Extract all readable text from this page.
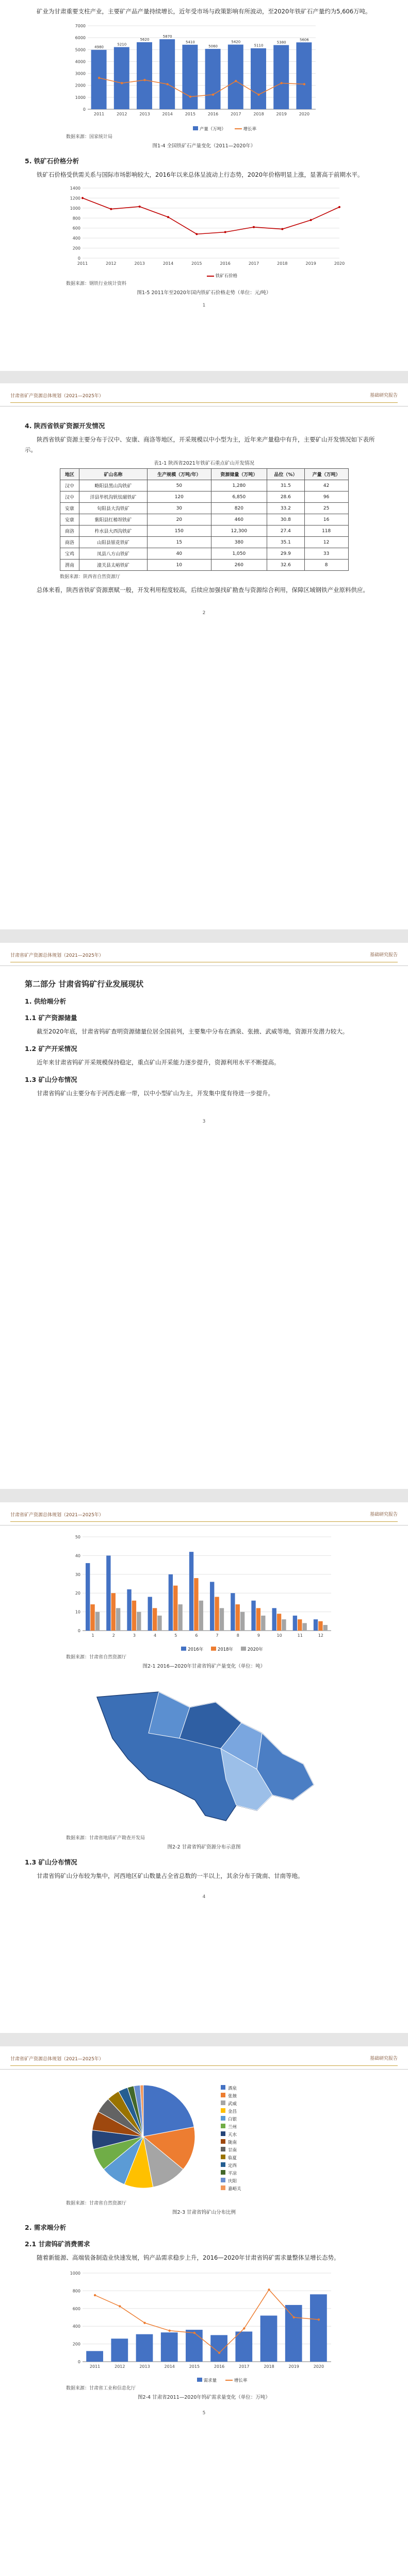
矿业为甘肃重要支柱产业，主要矿产品产量持续增长，近年受市场与政策影响有所波动，至2020年铁矿石产量约为5,606万吨。

0
1000
2000
3000
4000
5000
6000
7000
4980
5210
5620
5870
5410
5060
5420
5110
5380
5606
2011	2012	2013	2014	2015	2016	2017	2018	2019	2020
产量（万吨）	增长率
数据来源：国家统计局
图1-4 全国铁矿石产量变化（2011—2020年）
5. 铁矿石价格分析

铁矿石价格受供需关系与国际市场影响较大，2016年以来总体呈波动上行态势，2020年价格明显上涨，显著高于前期水平。

0
200
400
600
800
1000
1200
1400
2011	2012	2013	2014	2015	2016	2017	2018	2019	2020
铁矿石价格
数据来源：钢铁行业统计资料
图1-5 2011年至2020年国内铁矿石价格走势（单位：元/吨）
1
甘肃省矿产资源总体规划（2021—2025年）	基础研究报告
4. 陕西省铁矿资源开发情况

陕西省铁矿资源主要分布于汉中、安康、商洛等地区，开采规模以中小型为主，近年来产量稳中有升，主要矿山开发情况如下表所示。

表1-1 陕西省2021年铁矿石重点矿山开发情况
地区	矿山名称	生产规模（万吨/年）	资源储量（万吨）	品位（%）	产量（万吨）
汉中	略阳县黑山沟铁矿	50	1,280	31.5	42
汉中	洋县毕机沟钒钛磁铁矿	120	6,850	28.6	96
安康	旬阳县大沟铁矿	30	820	33.2	25
安康	紫阳县红椿坝铁矿	20	460	30.8	16
商洛	柞水县大西沟铁矿	150	12,300	27.4	118
商洛	山阳县银花铁矿	15	380	35.1	12
宝鸡	凤县八方山铁矿	40	1,050	29.9	33
渭南	潼关县太峪铁矿	10	260	32.6	8
数据来源：陕西省自然资源厅

总体来看，陕西省铁矿资源禀赋一般，开发利用程度较高，后续应加强找矿勘查与资源综合利用，保障区域钢铁产业原料供应。

2
甘肃省矿产资源总体规划（2021—2025年）	基础研究报告
第二部分 甘肃省钨矿行业发展现状
1. 供给端分析
1.1 矿产资源储量

截至2020年底，甘肃省钨矿查明资源储量位居全国前列，主要集中分布在酒泉、张掖、武威等地，资源开发潜力较大。

1.2 矿产开采情况

近年来甘肃省钨矿开采规模保持稳定，重点矿山开采能力逐步提升，资源利用水平不断提高。

1.3 矿山分布情况

甘肃省钨矿山主要分布于河西走廊一带，以中小型矿山为主，开发集中度有待进一步提升。

3
甘肃省矿产资源总体规划（2021—2025年）	基础研究报告
0
10
20
30
40
50
1	2	3	4	5	6	7	8	9	10	11	12
2016年	2018年	2020年
数据来源：甘肃省自然资源厅
图2-1 2016—2020年甘肃省钨矿产量变化（单位：吨）
数据来源：甘肃省地质矿产勘查开发局
图2-2 甘肃省钨矿资源分布示意图
1.3 矿山分布情况

甘肃省钨矿山分布较为集中，河西地区矿山数量占全省总数的一半以上，其余分布于陇南、甘南等地。

4
甘肃省矿产资源总体规划（2021—2025年）	基础研究报告
酒泉
张掖
武威
金昌
白银
兰州
天水
陇南
甘南
临夏
定西
平凉
庆阳
嘉峪关
数据来源：甘肃省自然资源厅
图2-3 甘肃省钨矿山分布比例
2. 需求端分析
2.1 甘肃钨矿消费需求

随着新能源、高端装备制造业快速发展，钨产品需求稳步上升，2016—2020年甘肃省钨矿需求量整体呈增长态势。

0
200
400
600
800
1000
2011	2012	2013	2014	2015	2016	2017	2018	2019	2020
需求量	增长率
数据来源：甘肃省工业和信息化厅
图2-4 甘肃省2011—2020年钨矿需求量变化（单位：万吨）
5
